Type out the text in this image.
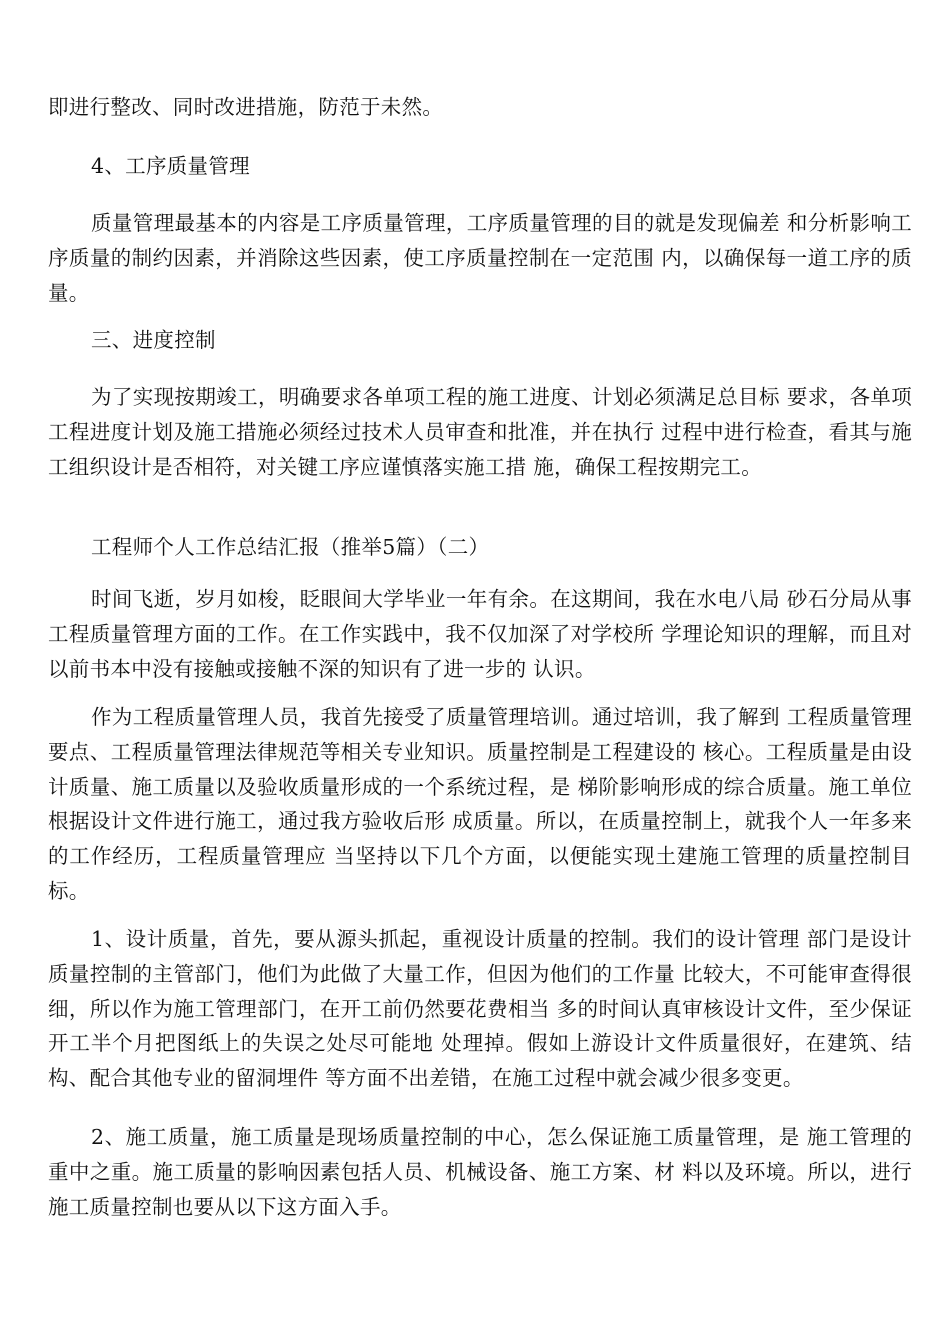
即进行整改、同时改进措施，防范于未然。

4、工序质量管理

质量管理最基本的内容是工序质量管理，工序质量管理的目的就是发现偏差 和分析影响工序质量的制约因素，并消除这些因素，使工序质量控制在一定范围 内，以确保每一道工序的质量。

三、进度控制

为了实现按期竣工，明确要求各单项工程的施工进度、计划必须满足总目标 要求，各单项工程进度计划及施工措施必须经过技术人员审查和批准，并在执行 过程中进行检查，看其与施工组织设计是否相符，对关键工序应谨慎落实施工措 施，确保工程按期完工。

工程师个人工作总结汇报（推举5篇）（二）

时间飞逝，岁月如梭，眨眼间大学毕业一年有余。在这期间，我在水电八局 砂石分局从事工程质量管理方面的工作。在工作实践中，我不仅加深了对学校所 学理论知识的理解，而且对以前书本中没有接触或接触不深的知识有了进一步的 认识。

作为工程质量管理人员，我首先接受了质量管理培训。通过培训，我了解到 工程质量管理要点、工程质量管理法律规范等相关专业知识。质量控制是工程建设的 核心。工程质量是由设计质量、施工质量以及验收质量形成的一个系统过程，是 梯阶影响形成的综合质量。施工单位根据设计文件进行施工，通过我方验收后形 成质量。所以，在质量控制上，就我个人一年多来的工作经历，工程质量管理应 当坚持以下几个方面，以便能实现土建施工管理的质量控制目标。

1、设计质量，首先，要从源头抓起，重视设计质量的控制。我们的设计管理 部门是设计质量控制的主管部门，他们为此做了大量工作，但因为他们的工作量 比较大，不可能审查得很细，所以作为施工管理部门，在开工前仍然要花费相当 多的时间认真审核设计文件，至少保证开工半个月把图纸上的失误之处尽可能地 处理掉。假如上游设计文件质量很好，在建筑、结构、配合其他专业的留洞埋件 等方面不出差错，在施工过程中就会减少很多变更。

2、施工质量，施工质量是现场质量控制的中心，怎么保证施工质量管理，是 施工管理的重中之重。施工质量的影响因素包括人员、机械设备、施工方案、材 料以及环境。所以，进行施工质量控制也要从以下这方面入手。
